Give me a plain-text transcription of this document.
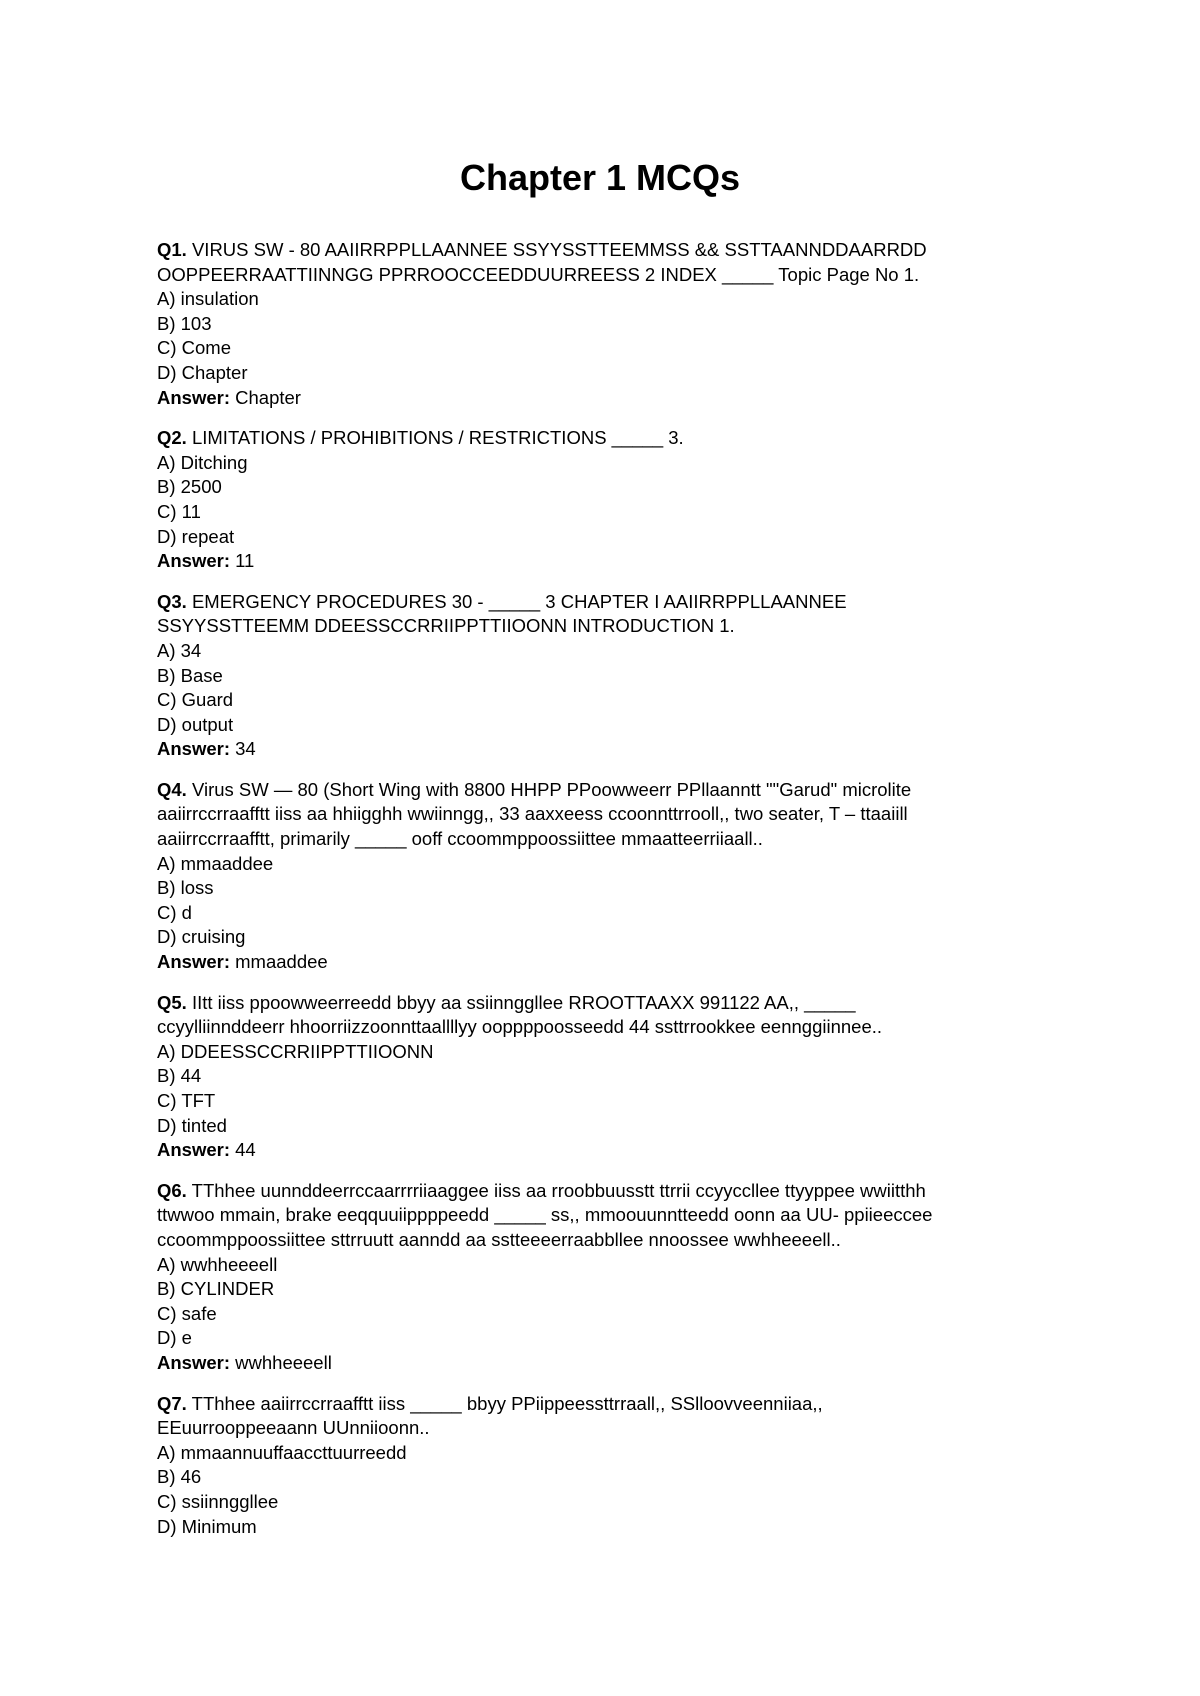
Chapter 1 MCQs
Q1. VIRUS SW - 80 AAIIRRPPLLAANNEE SSYYSSTTEEMMSS && SSTTAANNDDAARRDD
OOPPEERRAATTIINNGG PPRROOCCEEDDUURREESS 2 INDEX _____ Topic Page No 1.
A) insulation
B) 103
C) Come
D) Chapter
Answer: Chapter
Q2. LIMITATIONS / PROHIBITIONS / RESTRICTIONS _____ 3.
A) Ditching
B) 2500
C) 11
D) repeat
Answer: 11
Q3. EMERGENCY PROCEDURES 30 - _____ 3 CHAPTER I AAIIRRPPLLAANNEE
SSYYSSTTEEMM DDEESSCCRRIIPPTTIIOONN INTRODUCTION 1.
A) 34
B) Base
C) Guard
D) output
Answer: 34
Q4. Virus SW — 80 (Short Wing with 8800 HHPP PPoowweerr PPllaanntt ""Garud" microlite
aaiirrccrraafftt iiss aa hhiigghh wwiinngg,, 33 aaxxeess ccoonnttrrooll,, two seater, T – ttaaiill
aaiirrccrraafftt, primarily _____ ooff ccoommppoossiittee mmaatteerriiaall..
A) mmaaddee
B) loss
C) d
D) cruising
Answer: mmaaddee
Q5. IItt iiss ppoowweerreedd bbyy aa ssiinnggllee RROOTTAAXX 991122 AA,, _____
ccyylliinnddeerr hhoorriizzoonnttaallllyy ooppppoosseedd 44 ssttrrookkee eennggiinnee..
A) DDEESSCCRRIIPPTTIIOONN
B) 44
C) TFT
D) tinted
Answer: 44
Q6. TThhee uunnddeerrccaarrrriiaaggee iiss aa rroobbuusstt ttrrii ccyyccllee ttyyppee wwiitthh
ttwwoo mmain, brake eeqquuiippppeedd _____ ss,, mmoouunntteedd oonn aa UU- ppiieeccee
ccoommppoossiittee sttrruutt aanndd aa sstteeeerraabbllee nnoossee wwhheeeell..
A) wwhheeeell
B) CYLINDER
C) safe
D) e
Answer: wwhheeeell
Q7. TThhee aaiirrccrraafftt iiss _____ bbyy PPiippeessttrraall,, SSlloovveenniiaa,,
EEuurrooppeeaann UUnniioonn..
A) mmaannuuffaaccttuurreedd
B) 46
C) ssiinnggllee
D) Minimum
